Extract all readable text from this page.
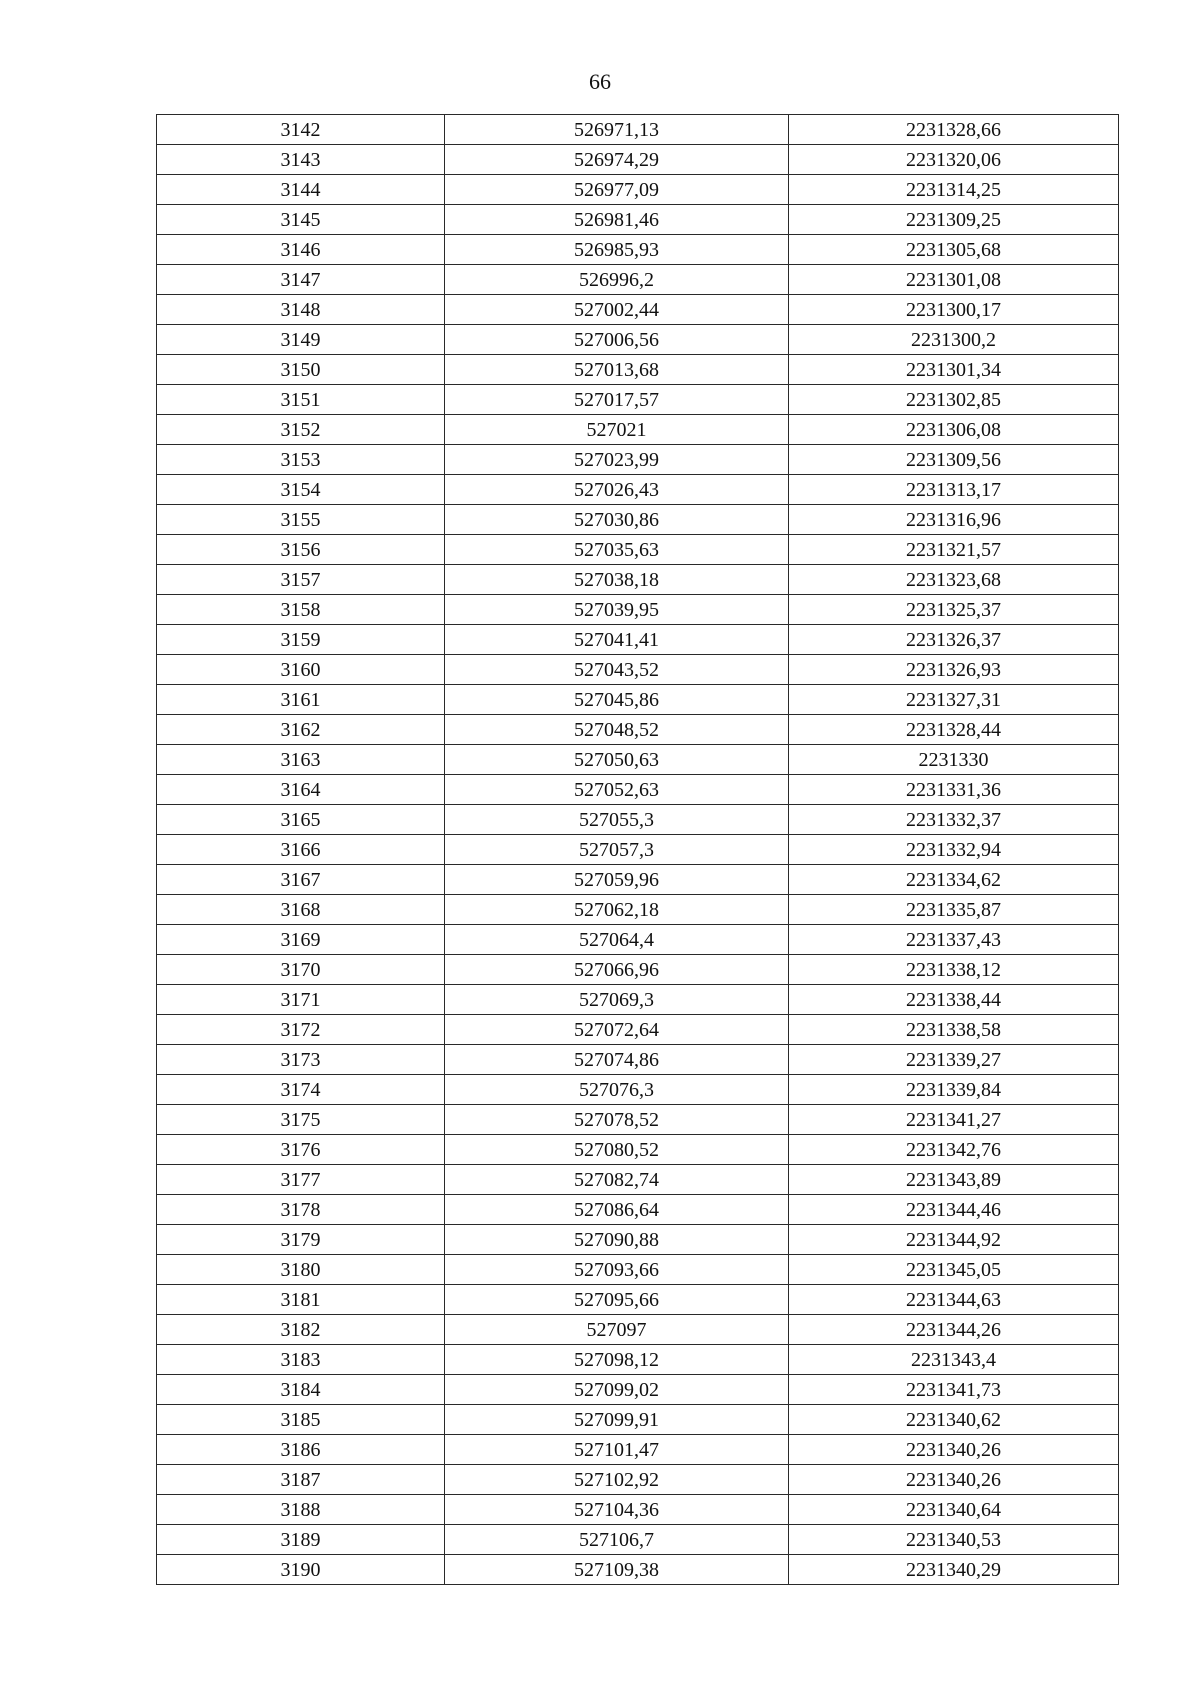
66
3142	526971,13	2231328,66
3143	526974,29	2231320,06
3144	526977,09	2231314,25
3145	526981,46	2231309,25
3146	526985,93	2231305,68
3147	526996,2	2231301,08
3148	527002,44	2231300,17
3149	527006,56	2231300,2
3150	527013,68	2231301,34
3151	527017,57	2231302,85
3152	527021	2231306,08
3153	527023,99	2231309,56
3154	527026,43	2231313,17
3155	527030,86	2231316,96
3156	527035,63	2231321,57
3157	527038,18	2231323,68
3158	527039,95	2231325,37
3159	527041,41	2231326,37
3160	527043,52	2231326,93
3161	527045,86	2231327,31
3162	527048,52	2231328,44
3163	527050,63	2231330
3164	527052,63	2231331,36
3165	527055,3	2231332,37
3166	527057,3	2231332,94
3167	527059,96	2231334,62
3168	527062,18	2231335,87
3169	527064,4	2231337,43
3170	527066,96	2231338,12
3171	527069,3	2231338,44
3172	527072,64	2231338,58
3173	527074,86	2231339,27
3174	527076,3	2231339,84
3175	527078,52	2231341,27
3176	527080,52	2231342,76
3177	527082,74	2231343,89
3178	527086,64	2231344,46
3179	527090,88	2231344,92
3180	527093,66	2231345,05
3181	527095,66	2231344,63
3182	527097	2231344,26
3183	527098,12	2231343,4
3184	527099,02	2231341,73
3185	527099,91	2231340,62
3186	527101,47	2231340,26
3187	527102,92	2231340,26
3188	527104,36	2231340,64
3189	527106,7	2231340,53
3190	527109,38	2231340,29
